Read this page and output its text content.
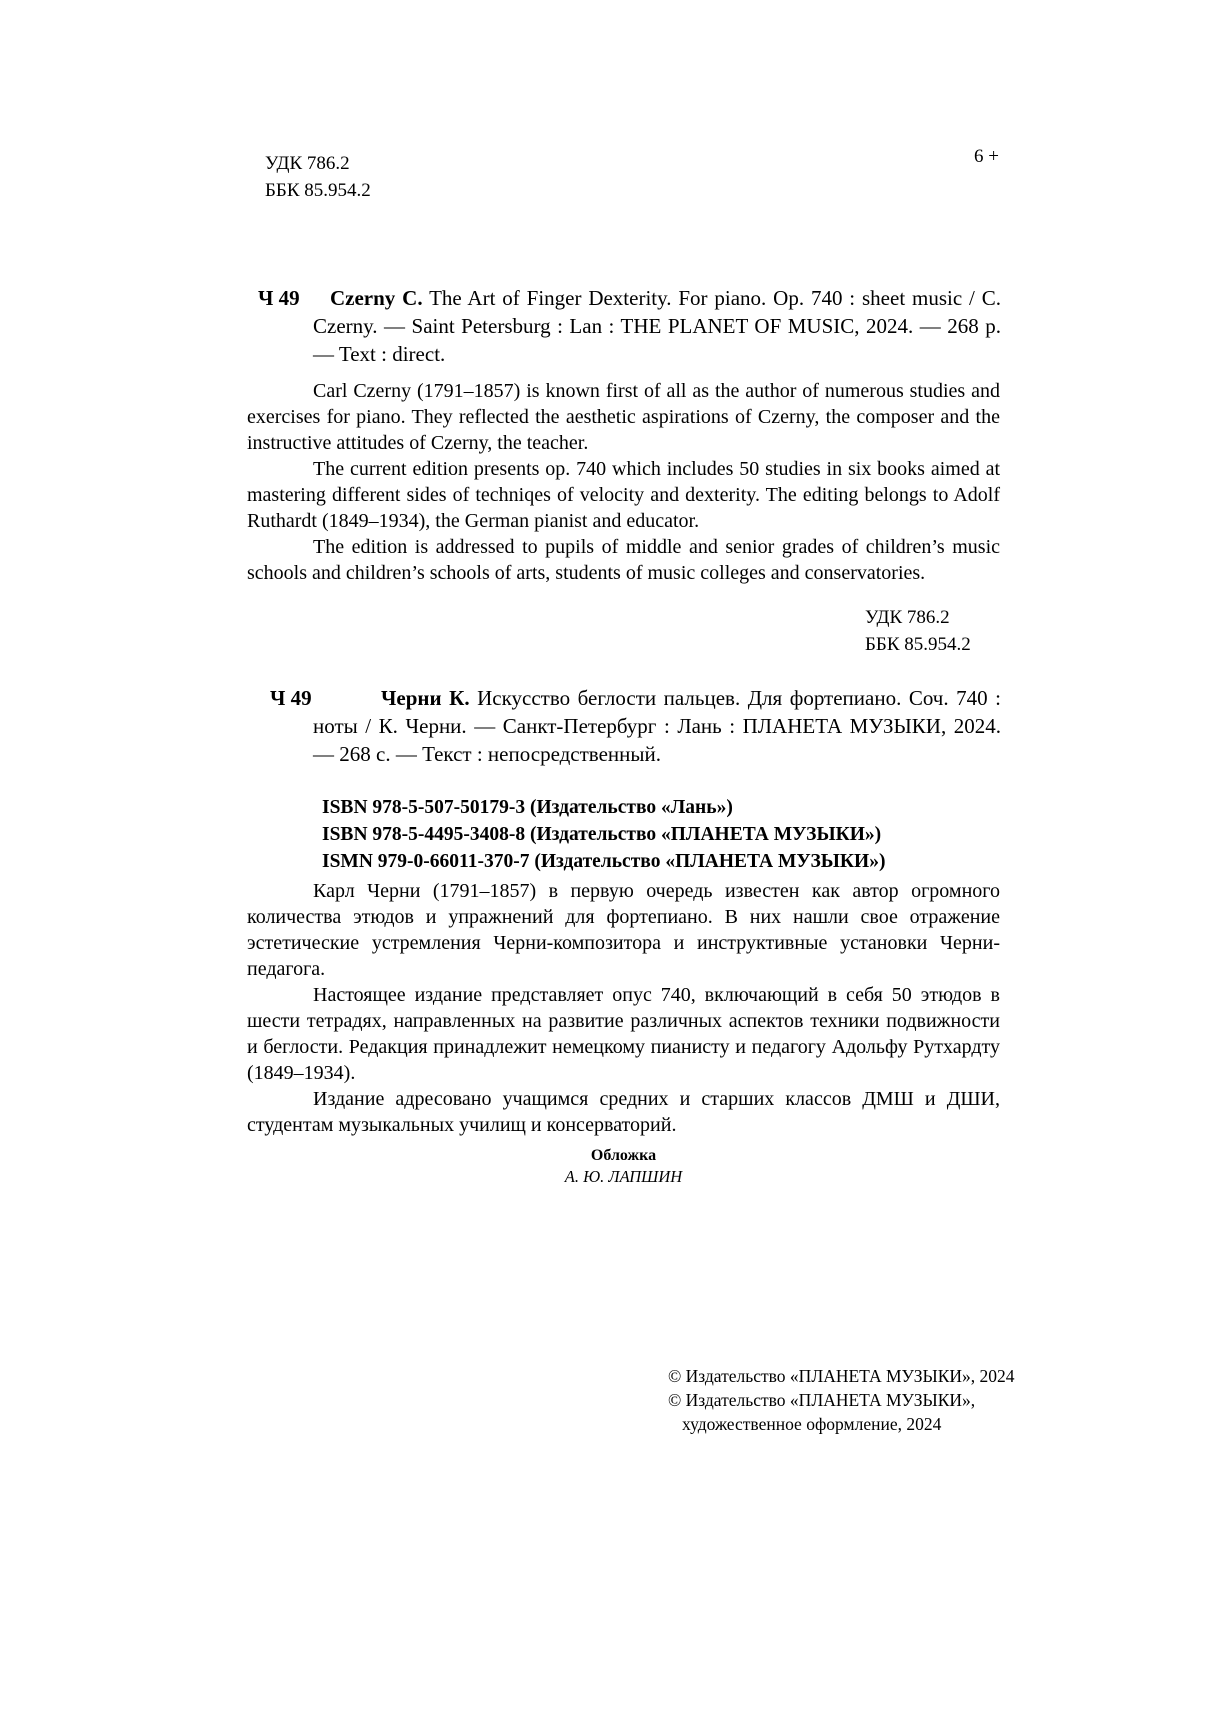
УДК 786.2
ББК 85.954.2
6 +
Ч 49	Czerny C. The Art of Finger Dexterity. For piano. Op. 740 : sheet music / C. Czerny. — Saint Petersburg : Lan : THE PLANET OF MUSIC, 2024. — 268 p. — Text : direct.

Carl Czerny (1791–1857) is known first of all as the author of numerous studies and exercises for piano. They reflected the aesthetic aspirations of Czerny, the composer and the instructive attitudes of Czerny, the teacher.

The current edition presents op. 740 which includes 50 studies in six books aimed at mastering different sides of techniqes of velocity and dexterity. The editing belongs to Adolf Ruthardt (1849–1934), the German pianist and educator.

The edition is addressed to pupils of middle and senior grades of children’s music schools and children’s schools of arts, students of music colleges and conservatories.

УДК 786.2
ББК 85.954.2
Ч 49	Черни К. Искусство беглости пальцев. Для фортепиано. Соч. 740 : ноты / К. Черни. — Санкт-Петербург : Лань : ПЛАНЕТА МУЗЫКИ, 2024. — 268 с. — Текст : непосредственный.

ISBN 978-5-507-50179-3 (Издательство «Лань»)
ISBN 978-5-4495-3408-8 (Издательство «ПЛАНЕТА МУЗЫКИ»)
ISMN 979-0-66011-370-7 (Издательство «ПЛАНЕТА МУЗЫКИ»)

Карл Черни (1791–1857) в первую очередь известен как автор огромного количества этюдов и упражнений для фортепиано. В них нашли свое отражение эстетические устремления Черни-композитора и инструктивные установки Черни-педагога.

Настоящее издание представляет опус 740, включающий в себя 50 этюдов в шести тетрадях, направленных на развитие различных аспектов техники подвижности и беглости. Редакция принадлежит немецкому пианисту и педагогу Адольфу Рутхардту (1849–1934).

Издание адресовано учащимся средних и старших классов ДМШ и ДШИ, студентам музыкальных училищ и консерваторий.

Обложка
А. Ю. ЛАПШИН
© Издательство «ПЛАНЕТА МУЗЫКИ», 2024
© Издательство «ПЛАНЕТА МУЗЫКИ»,
художественное оформление, 2024
